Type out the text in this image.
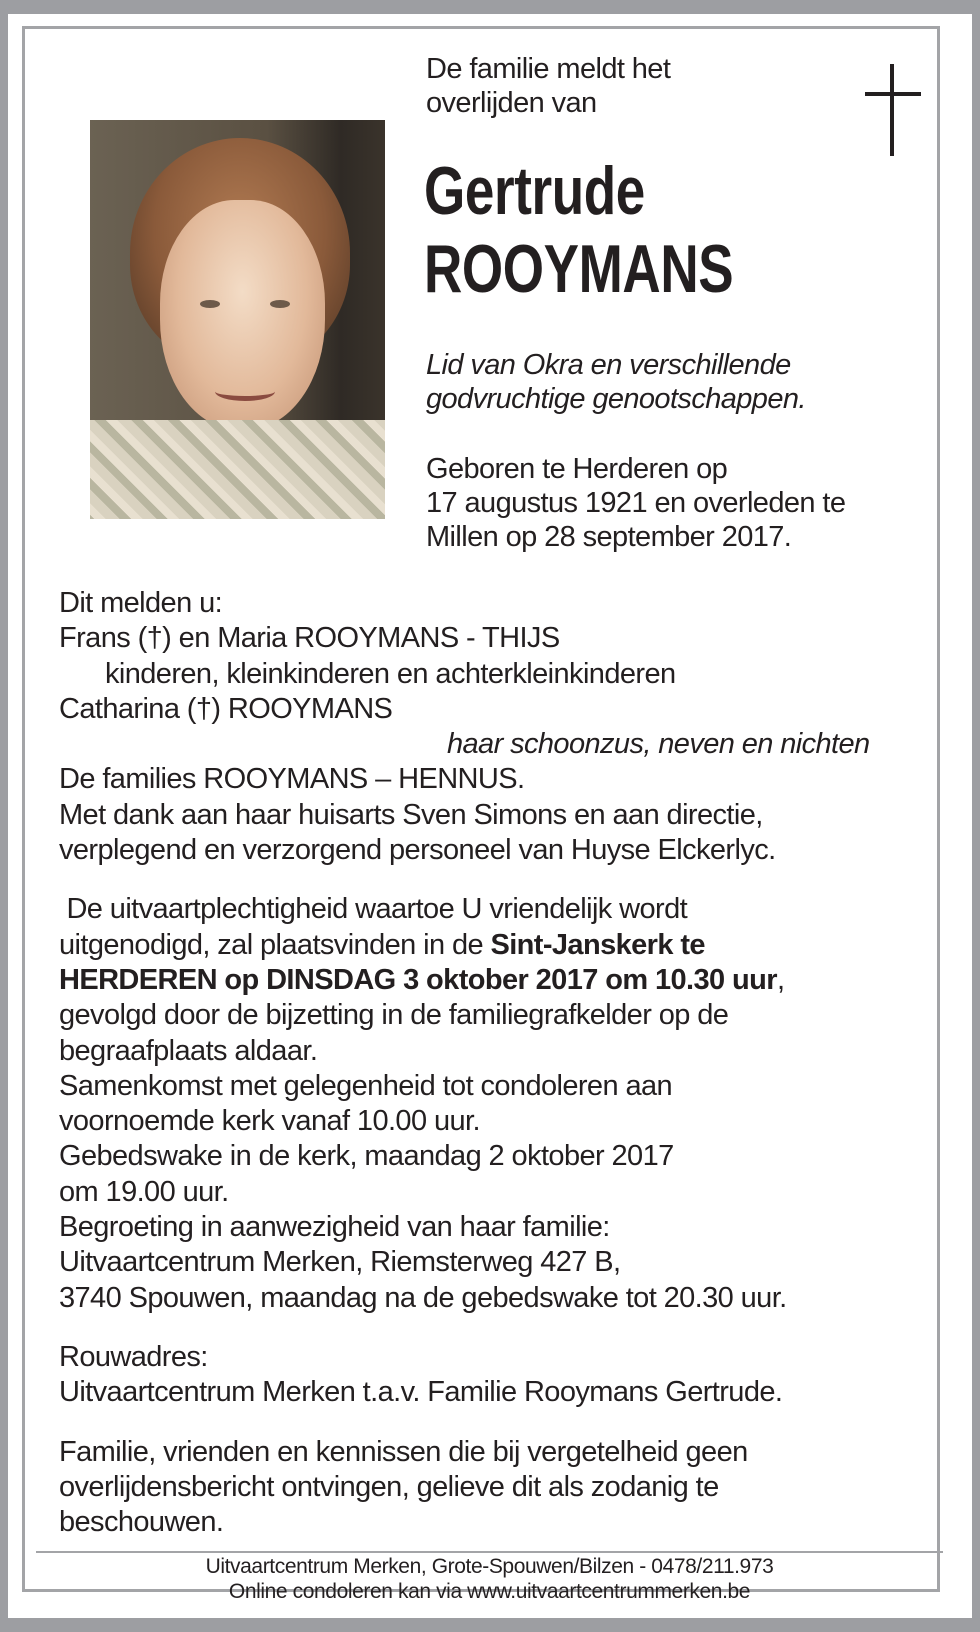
De familie meldt het
overlijden van
Gertrude
ROOYMANS
Lid van Okra en verschillende
godvruchtige genootschappen.
Geboren te Herderen op
17 augustus 1921 en overleden te
Millen op 28 september 2017.
Dit melden u:
Frans (†) en Maria ROOYMANS - THIJS
kinderen, kleinkinderen en achterkleinkinderen
Catharina (†) ROOYMANS
haar schoonzus, neven en nichten
De families ROOYMANS – HENNUS.
Met dank aan haar huisarts Sven Simons en aan directie,
verplegend en verzorgend personeel van Huyse Elckerlyc.
De uitvaartplechtigheid waartoe U vriendelijk wordt
uitgenodigd, zal plaatsvinden in de Sint-Janskerk te
HERDEREN op DINSDAG 3 oktober 2017 om 10.30 uur,
gevolgd door de bijzetting in de familiegrafkelder op de
begraafplaats aldaar.
Samenkomst met gelegenheid tot condoleren aan
voornoemde kerk vanaf 10.00 uur.
Gebedswake in de kerk, maandag 2 oktober 2017
om 19.00 uur.
Begroeting in aanwezigheid van haar familie:
Uitvaartcentrum Merken, Riemsterweg 427 B,
3740 Spouwen, maandag na de gebedswake tot 20.30 uur.
Rouwadres:
Uitvaartcentrum Merken t.a.v. Familie Rooymans Gertrude.
Familie, vrienden en kennissen die bij vergetelheid geen
overlijdensbericht ontvingen, gelieve dit als zodanig te
beschouwen.
Uitvaartcentrum Merken, Grote-Spouwen/Bilzen - 0478/211.973
Online condoleren kan via www.uitvaartcentrummerken.be
